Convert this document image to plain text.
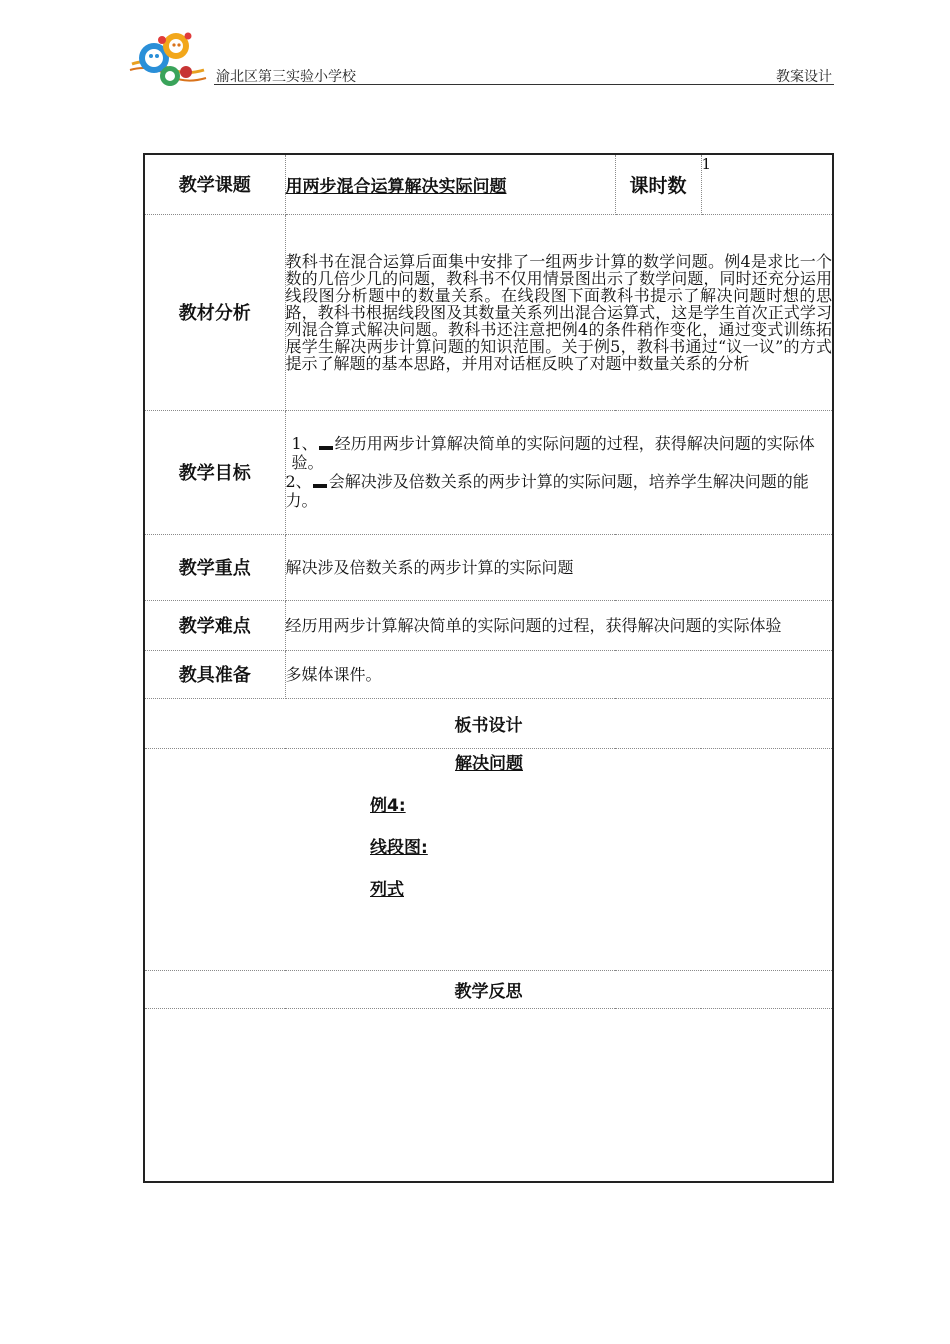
渝北区第三实验小学校	教案设计
教学课题	用两步混合运算解决实际问题	课时数	1
教材分析	教科书在混合运算后面集中安排了一组两步计算的数学问题。例4是求比一个数的几倍少几的问题，教科书不仅用情景图出示了数学问题，同时还充分运用线段图分析题中的数量关系。在线段图下面教科书提示了解决问题时想的思路，教科书根据线段图及其数量关系列出混合运算式，这是学生首次正式学习列混合算式解决问题。教科书还注意把例4的条件稍作变化，通过变式训练拓展学生解决两步计算问题的知识范围。关于例5，教科书通过“议一议”的方式提示了解题的基本思路，并用对话框反映了对题中数量关系的分析		
教学目标	1、 经历用两步计算解决简单的实际问题的过程，获得解决问题的实际体验。
2、 会解决涉及倍数关系的两步计算的实际问题，培养学生解决问题的能力。		

教学重点	解决涉及倍数关系的两步计算的实际问题		
教学难点	经历用两步计算解决简单的实际问题的过程，获得解决问题的实际体验		
教具准备	多媒体课件。		
板书设计			

解决问题
例4:
线段图:
列式			

教学反思			
